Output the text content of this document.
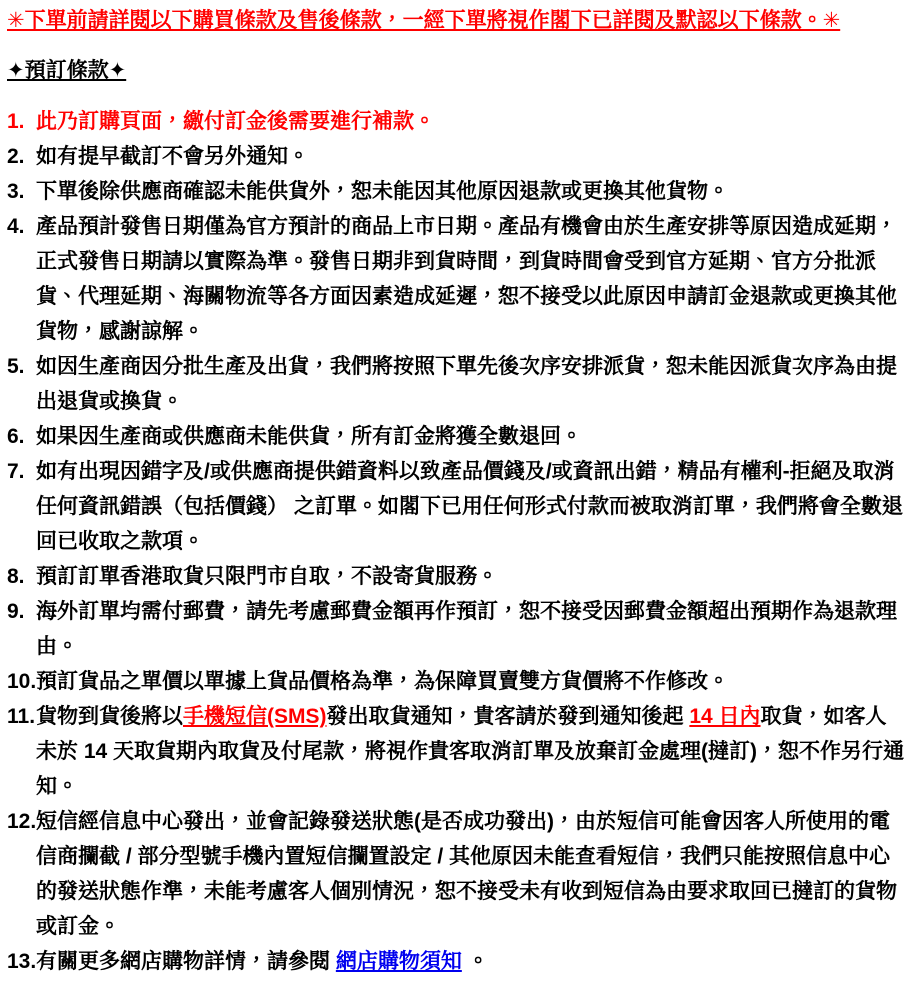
✳下單前請詳閱以下購買條款及售後條款，一經下單將視作閣下已詳閱及默認以下條款。✳
✦預訂條款✦
1. 此乃訂購頁面，繳付訂金後需要進行補款。
2. 如有提早截訂不會另外通知。
3. 下單後除供應商確認未能供貨外，恕未能因其他原因退款或更換其他貨物。
4. 產品預計發售日期僅為官方預計的商品上市日期。產品有機會由於生產安排等原因造成延期，正式發售日期請以實際為準。發售日期非到貨時間，到貨時間會受到官方延期、官方分批派貨、代理延期、海關物流等各方面因素造成延遲，恕不接受以此原因申請訂金退款或更換其他貨物，感謝諒解。
5. 如因生產商因分批生產及出貨，我們將按照下單先後次序安排派貨，恕未能因派貨次序為由提出退貨或換貨。
6. 如果因生產商或供應商未能供貨，所有訂金將獲全數退回。
7. 如有出現因錯字及/或供應商提供錯資料以致產品價錢及/或資訊出錯，精品有權利-拒絕及取消任何資訊錯誤（包括價錢） 之訂單。如閣下已用任何形式付款而被取消訂單，我們將會全數退回已收取之款項。
8. 預訂訂單香港取貨只限門市自取，不設寄貨服務。
9. 海外訂單均需付郵費，請先考慮郵費金額再作預訂，恕不接受因郵費金額超出預期作為退款理由。
10. 預訂貨品之單價以單據上貨品價格為準，為保障買賣雙方貨價將不作修改。
11. 貨物到貨後將以手機短信(SMS)發出取貨通知，貴客請於發到通知後起 14 日內取貨，如客人未於 14 天取貨期內取貨及付尾款，將視作貴客取消訂單及放棄訂金處理(撻訂)，恕不作另行通知。
12. 短信經信息中心發出，並會記錄發送狀態(是否成功發出)，由於短信可能會因客人所使用的電信商攔截 / 部分型號手機內置短信攔置設定 / 其他原因未能查看短信，我們只能按照信息中心的發送狀態作準，未能考慮客人個別情況，恕不接受未有收到短信為由要求取回已撻訂的貨物或訂金。
13. 有關更多網店購物詳情，請參閱 網店購物須知 。
